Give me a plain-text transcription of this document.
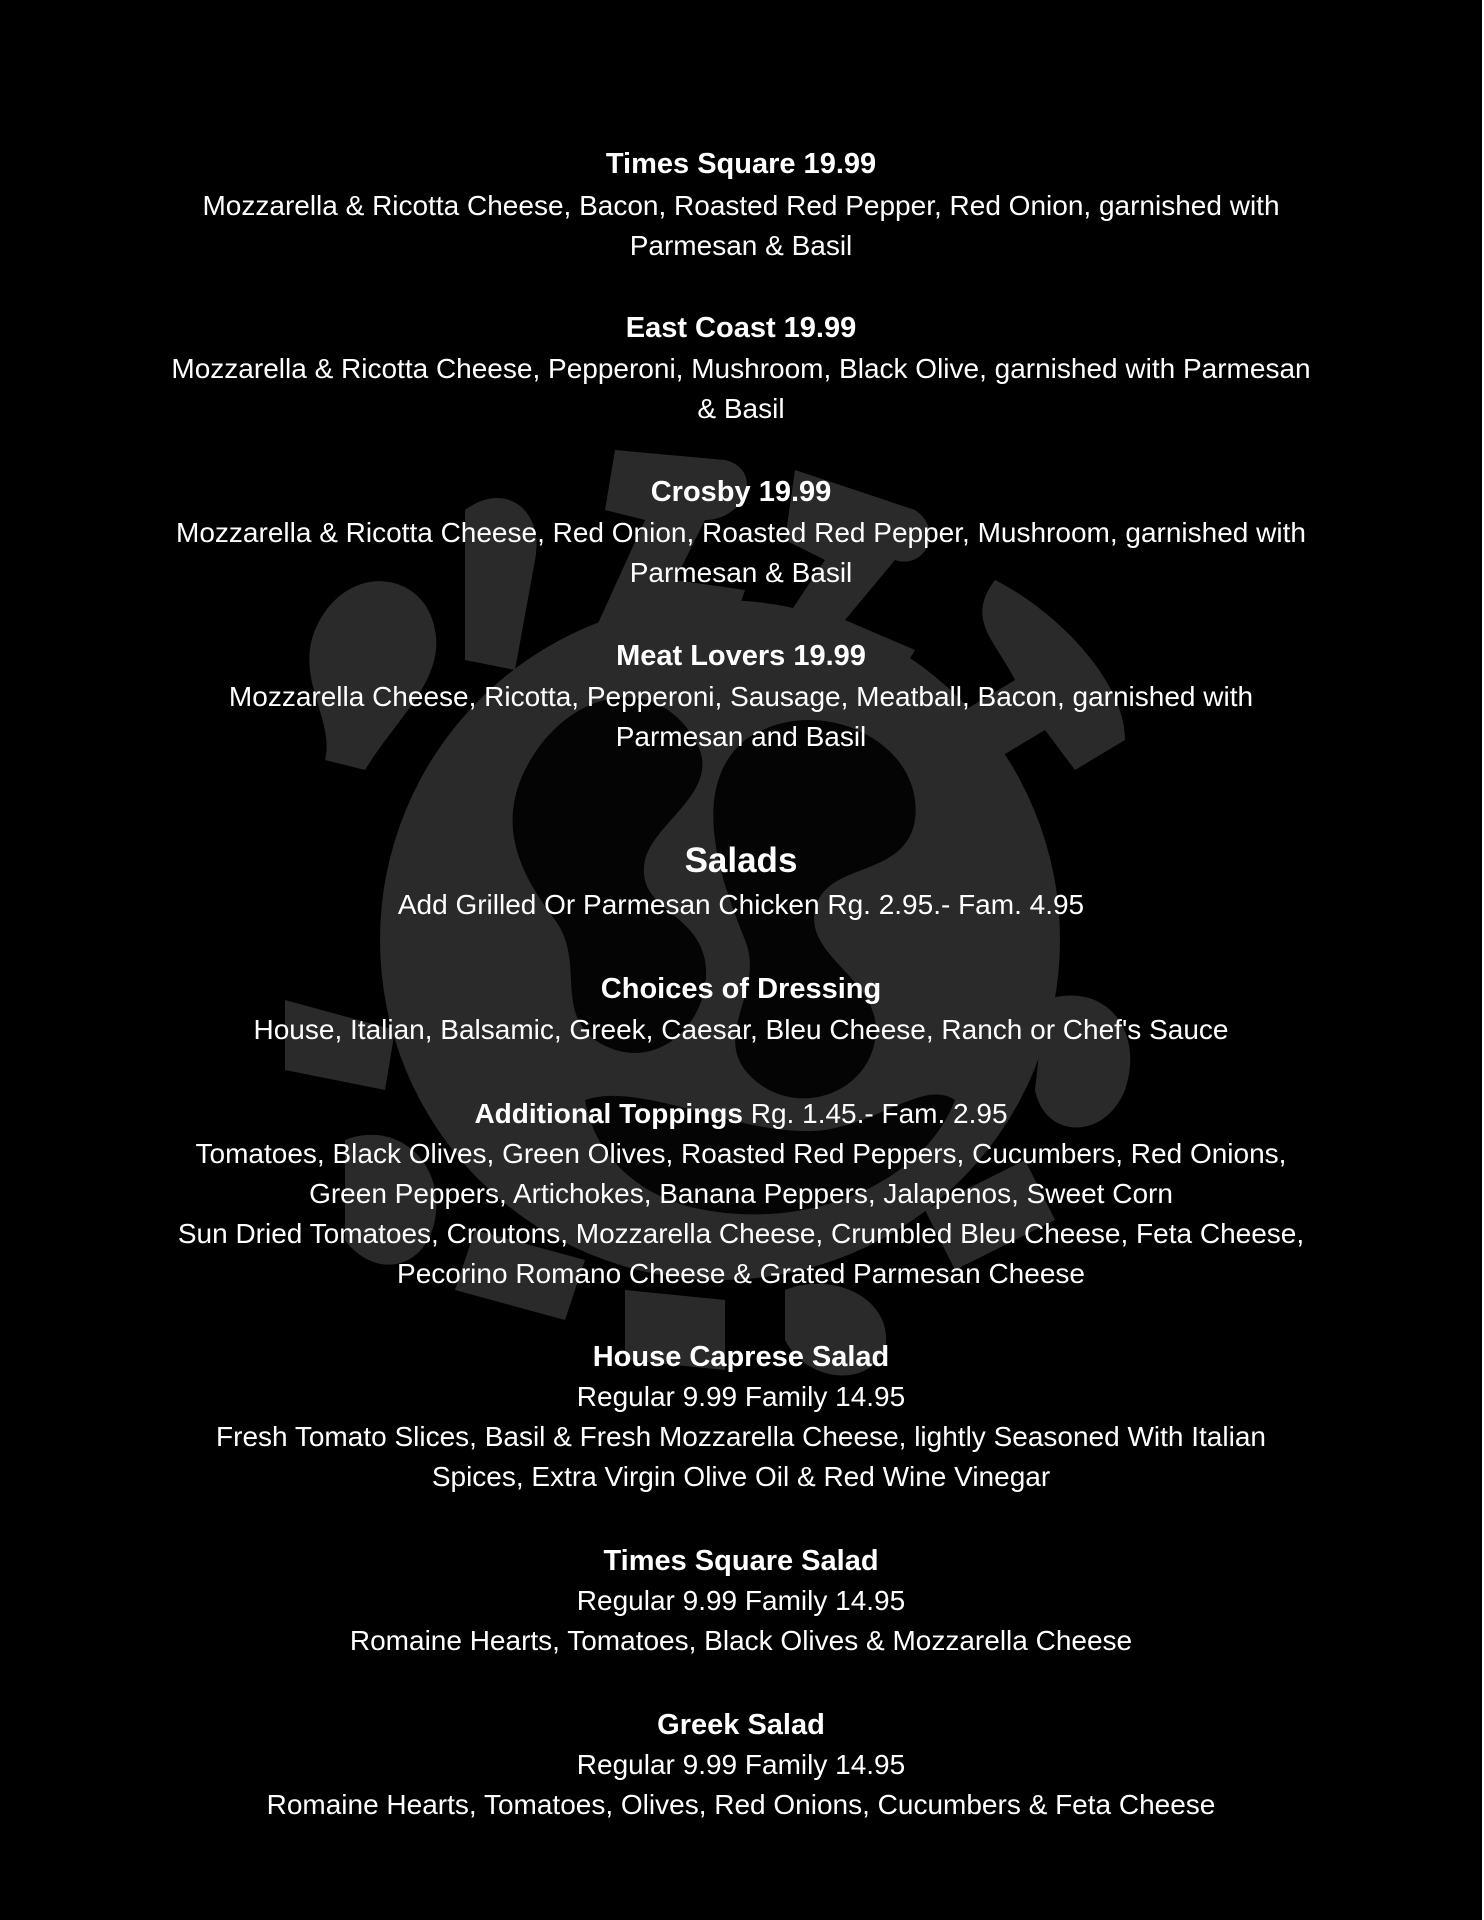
Times Square 19.99
Mozzarella & Ricotta Cheese, Bacon, Roasted Red Pepper, Red Onion, garnished with
Parmesan & Basil
East Coast 19.99
Mozzarella & Ricotta Cheese, Pepperoni, Mushroom, Black Olive, garnished with Parmesan
& Basil
Crosby 19.99
Mozzarella & Ricotta Cheese, Red Onion, Roasted Red Pepper, Mushroom, garnished with
Parmesan & Basil
Meat Lovers 19.99
Mozzarella Cheese, Ricotta, Pepperoni, Sausage, Meatball, Bacon, garnished with
Parmesan and Basil
Salads
Add Grilled Or Parmesan Chicken Rg. 2.95.- Fam. 4.95
Choices of Dressing
House, Italian, Balsamic, Greek, Caesar, Bleu Cheese, Ranch or Chef's Sauce
Additional Toppings Rg. 1.45.- Fam. 2.95
Tomatoes, Black Olives, Green Olives, Roasted Red Peppers, Cucumbers, Red Onions,
Green Peppers, Artichokes, Banana Peppers, Jalapenos, Sweet Corn
Sun Dried Tomatoes, Croutons, Mozzarella Cheese, Crumbled Bleu Cheese, Feta Cheese,
Pecorino Romano Cheese & Grated Parmesan Cheese
House Caprese Salad
Regular 9.99 Family 14.95
Fresh Tomato Slices, Basil & Fresh Mozzarella Cheese, lightly Seasoned With Italian
Spices, Extra Virgin Olive Oil & Red Wine Vinegar
Times Square Salad
Regular 9.99 Family 14.95
Romaine Hearts, Tomatoes, Black Olives & Mozzarella Cheese
Greek Salad
Regular 9.99 Family 14.95
Romaine Hearts, Tomatoes, Olives, Red Onions, Cucumbers & Feta Cheese
